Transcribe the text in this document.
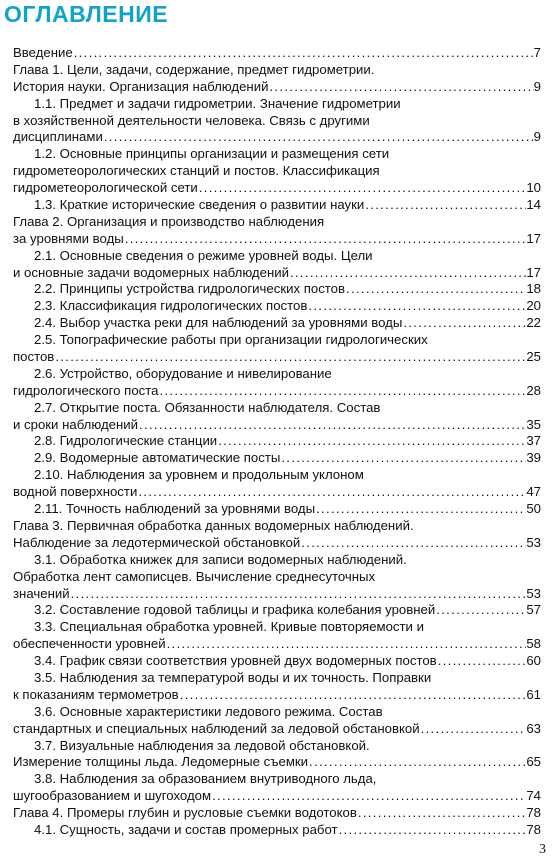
ОГЛАВЛЕНИЕ
Введение .....	7
Глава 1. Цели, задачи, содержание, предмет гидрометрии.
История науки. Организация наблюдений .....	9
1.1. Предмет и задачи гидрометрии. Значение гидрометрии
в хозяйственной деятельности человека. Связь с другими
дисциплинами .....	9
1.2. Основные принципы организации и размещения сети
гидрометеорологических станций и постов. Классификация
гидрометеорологической сети .....	10
1.3. Краткие исторические сведения о развитии науки .....	14
Глава 2. Организация и производство наблюдения
за уровнями воды .....	17
2.1. Основные сведения о режиме уровней воды. Цели
и основные задачи водомерных наблюдений .....	17
2.2. Принципы устройства гидрологических постов .....	18
2.3. Классификация гидрологических постов .....	20
2.4. Выбор участка реки для наблюдений за уровнями воды .....	22
2.5. Топографические работы при организации гидрологических
постов .....	25
2.6. Устройство, оборудование и нивелирование
гидрологического поста .....	28
2.7. Открытие поста. Обязанности наблюдателя. Состав
и сроки наблюдений .....	35
2.8. Гидрологические станции .....	37
2.9. Водомерные автоматические посты .....	39
2.10. Наблюдения за уровнем и продольным уклоном
водной поверхности .....	47
2.11. Точность наблюдений за уровнями воды .....	50
Глава 3. Первичная обработка данных водомерных наблюдений.
Наблюдение за ледотермической обстановкой .....	53
3.1. Обработка книжек для записи водомерных наблюдений.
Обработка лент самописцев. Вычисление среднесуточных
значений .....	53
3.2. Составление годовой таблицы и графика колебания уровней .....	57
3.3. Специальная обработка уровней. Кривые повторяемости и
обеспеченности уровней .....	58
3.4. График связи соответствия уровней двух водомерных постов .....	60
3.5. Наблюдения за температурой воды и их точность. Поправки
к показаниям термометров .....	61
3.6. Основные характеристики ледового режима. Состав
стандартных и специальных наблюдений за ледовой обстановкой .....	63
3.7. Визуальные наблюдения за ледовой обстановкой.
Измерение толщины льда. Ледомерные съемки .....	65
3.8. Наблюдения за образованием внутриводного льда,
шугообразованием и шугоходом .....	74
Глава 4. Промеры глубин и русловые съемки водотоков .....	78
4.1. Сущность, задачи и состав промерных работ .....	78
3
